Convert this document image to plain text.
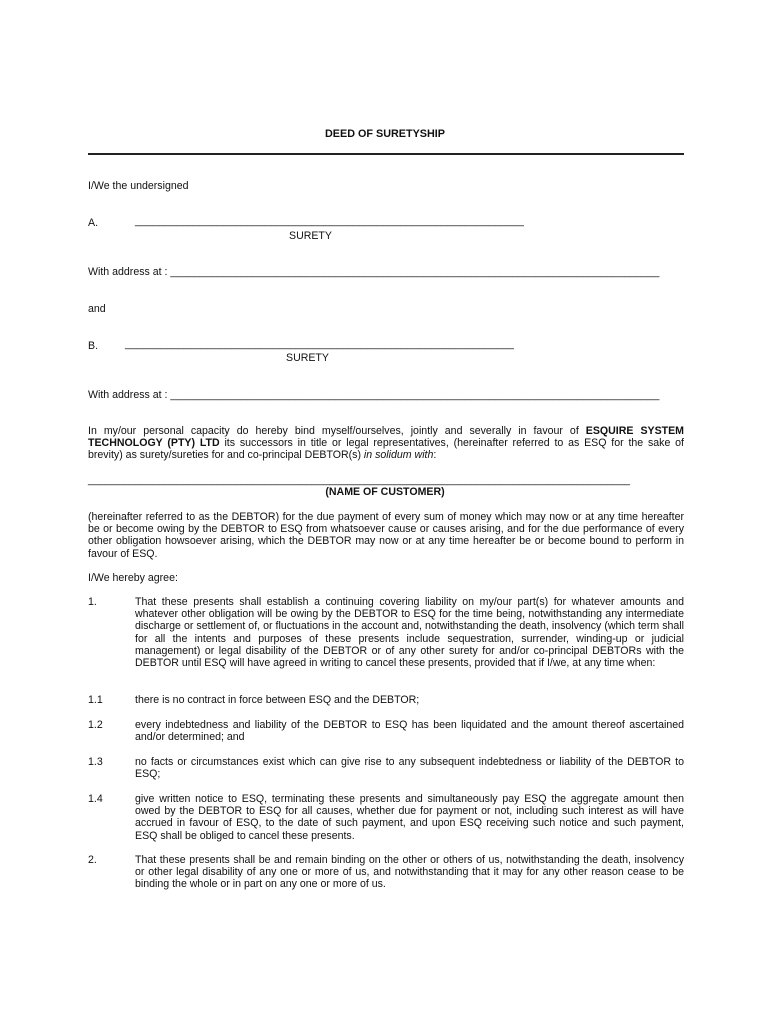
DEED OF SURETYSHIP
I/We the undersigned
A.	__________________________________________________________________
SURETY
With address at : ___________________________________________________________________________________
and
B.	__________________________________________________________________
SURETY
With address at : ___________________________________________________________________________________
In my/our personal capacity do hereby bind myself/ourselves, jointly and severally in favour of ESQUIRE SYSTEM TECHNOLOGY (PTY) LTD its successors in title or legal representatives, (hereinafter referred to as ESQ for the sake of brevity) as surety/sureties for and co-principal DEBTOR(s) in solidum with:
____________________________________________________________________________________________
(NAME OF CUSTOMER)
(hereinafter referred to as the DEBTOR) for the due payment of every sum of money which may now or at any time hereafter be or become owing by the DEBTOR to ESQ from whatsoever cause or causes arising, and for the due performance of every other obligation howsoever arising, which the DEBTOR may now or at any time hereafter be or become bound to perform in favour of ESQ.
I/We hereby agree:
1.	That these presents shall establish a continuing covering liability on my/our part(s) for whatever amounts and whatever other obligation will be owing by the DEBTOR to ESQ for the time being, notwithstanding any intermediate discharge or settlement of, or fluctuations in the account and, notwithstanding the death, insolvency (which term shall for all the intents and purposes of these presents include sequestration, surrender, winding-up or judicial management) or legal disability of the DEBTOR or of any other surety for and/or co-principal DEBTORs with the DEBTOR until ESQ will have agreed in writing to cancel these presents, provided that if I/we, at any time when:
1.1	there is no contract in force between ESQ and the DEBTOR;
1.2	every indebtedness and liability of the DEBTOR to ESQ has been liquidated and the amount thereof ascertained and/or determined; and
1.3	no facts or circumstances exist which can give rise to any subsequent indebtedness or liability of the DEBTOR to ESQ;
1.4	give written notice to ESQ, terminating these presents and simultaneously pay ESQ the aggregate amount then owed by the DEBTOR to ESQ for all causes, whether due for payment or not, including such interest as will have accrued in favour of ESQ, to the date of such payment, and upon ESQ receiving such notice and such payment, ESQ shall be obliged to cancel these presents.
2.	That these presents shall be and remain binding on the other or others of us, notwithstanding the death, insolvency or other legal disability of any one or more of us, and notwithstanding that it may for any other reason cease to be binding the whole or in part on any one or more of us.
